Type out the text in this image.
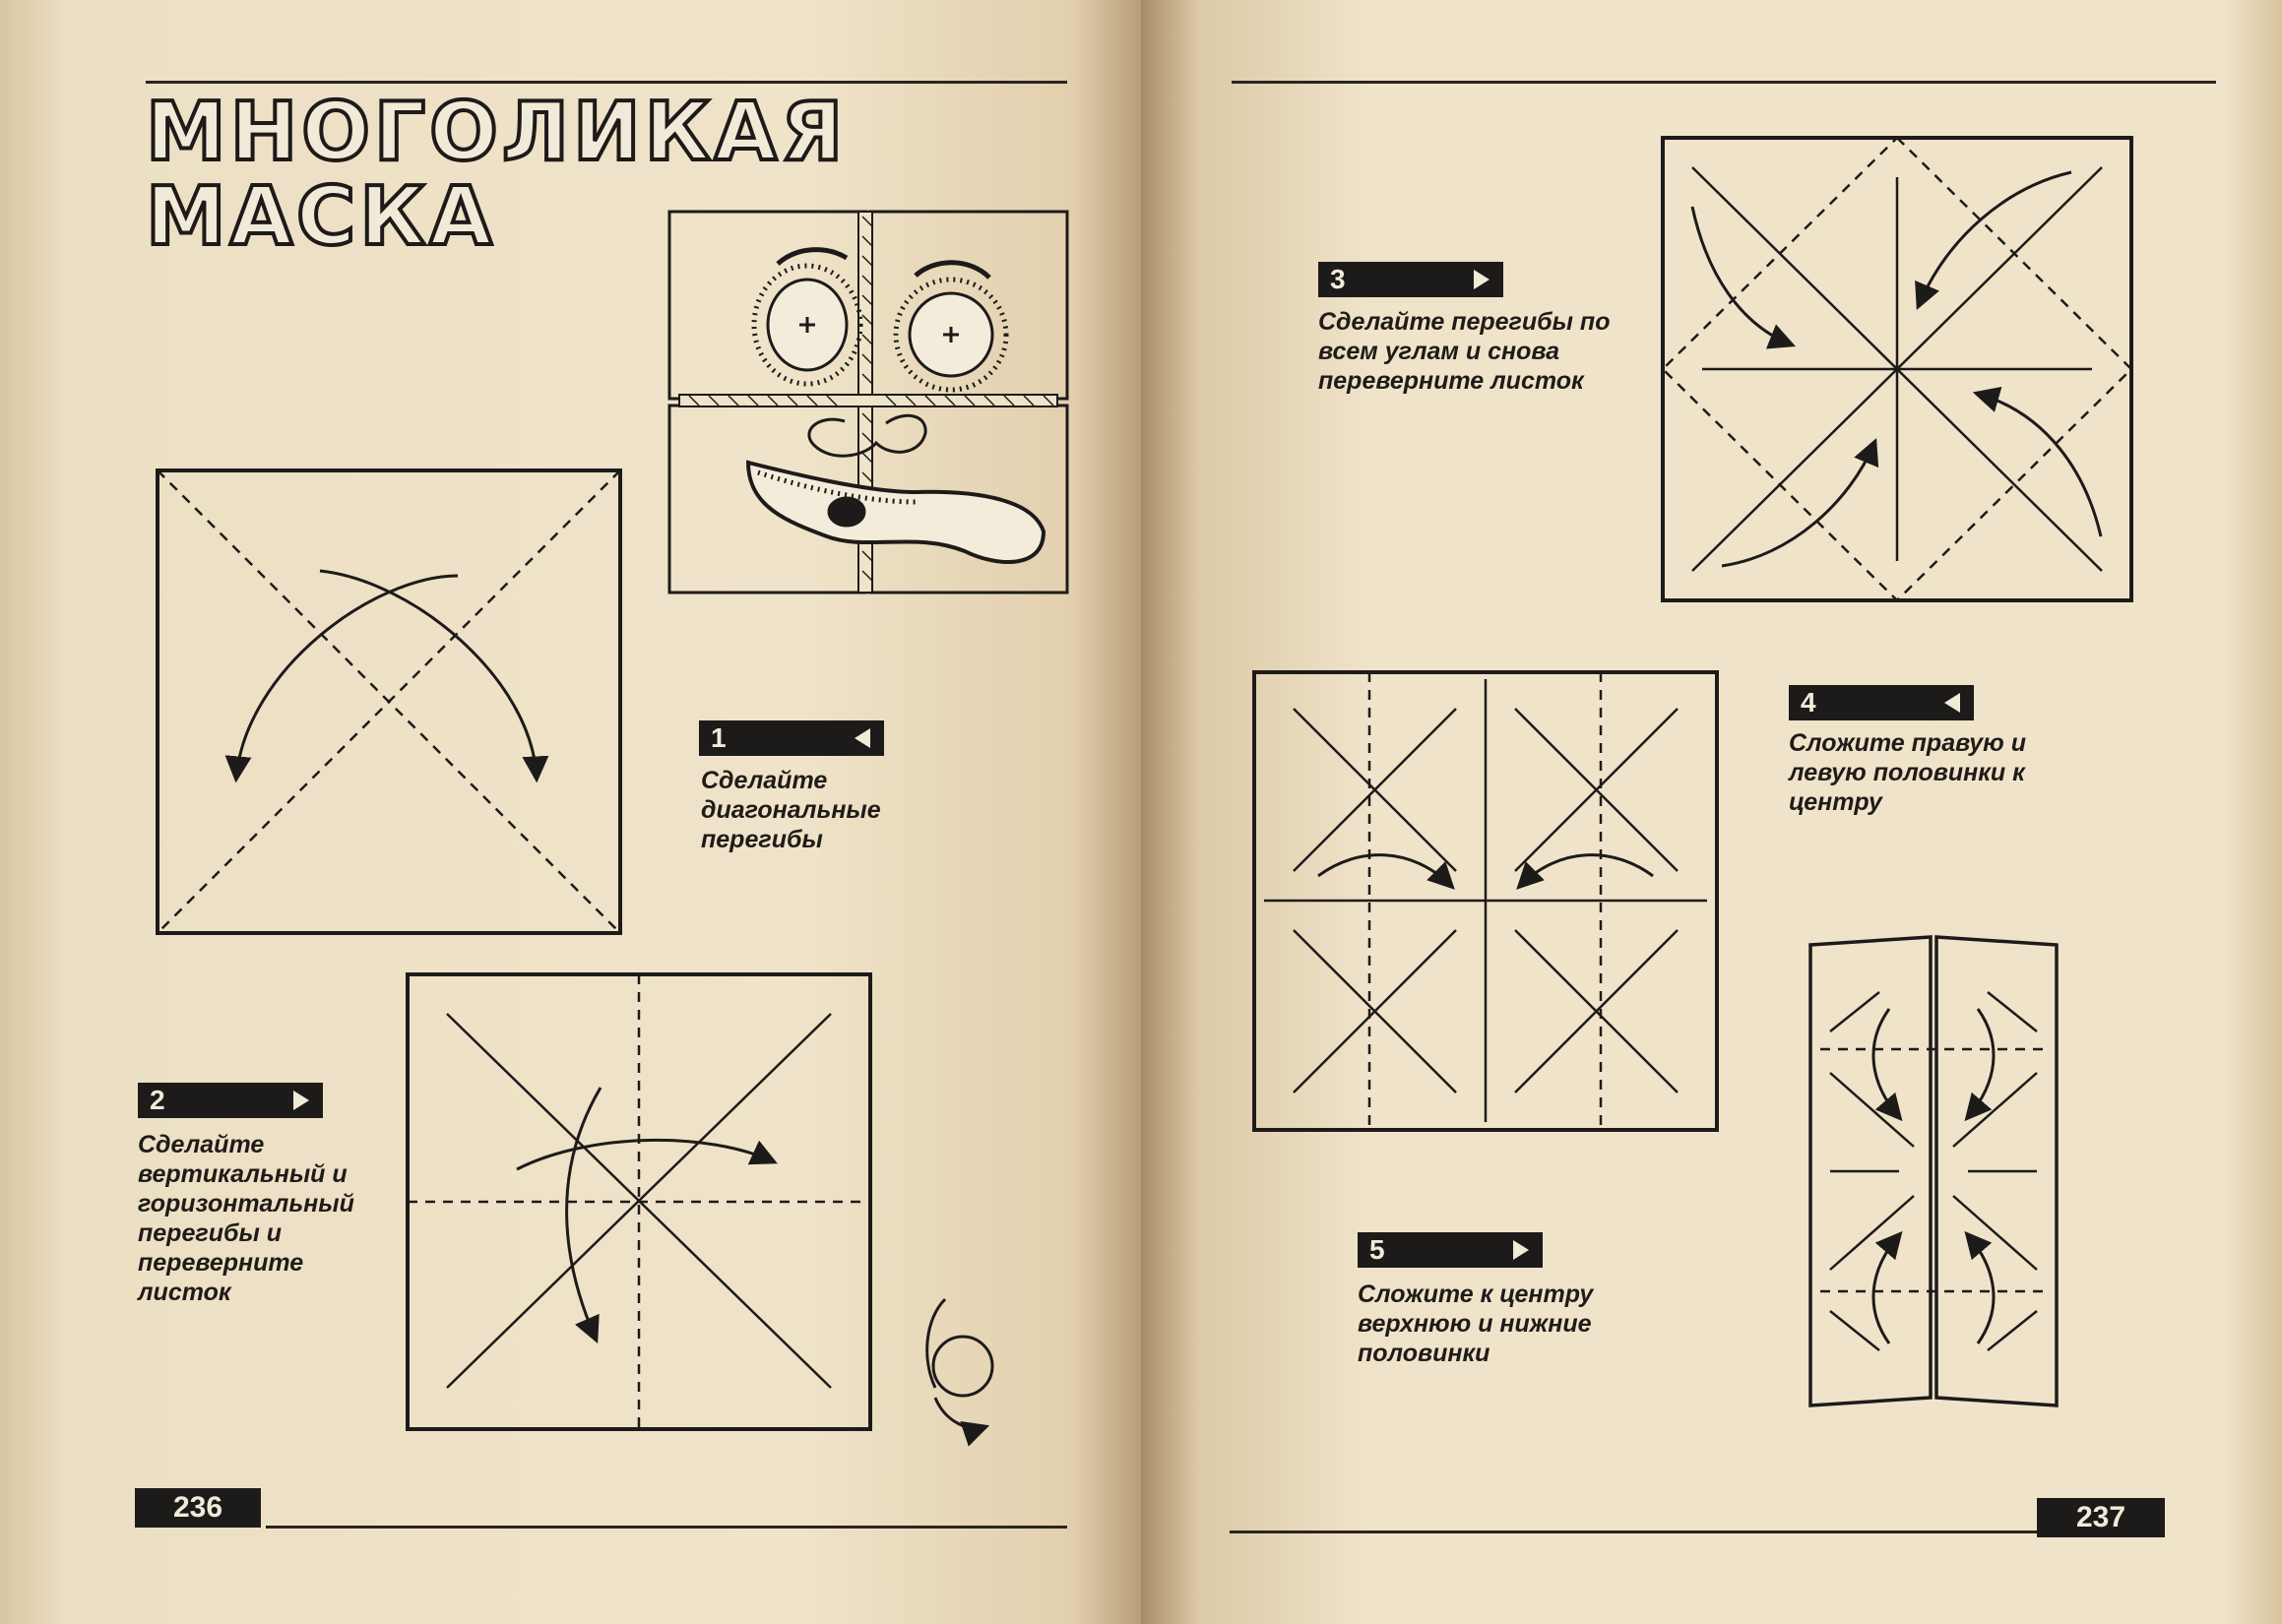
МНОГОЛИКАЯ
МАСКА
1

Сделайте диагональные перегибы

2

Сделайте вертикальный и горизонтальный перегибы и переверните листок

236
3

Сделайте перегибы по всем углам и снова переверните листок

4

Сложите правую и левую половинки к центру

5

Сложите к центру верхнюю и нижние половинки

237
